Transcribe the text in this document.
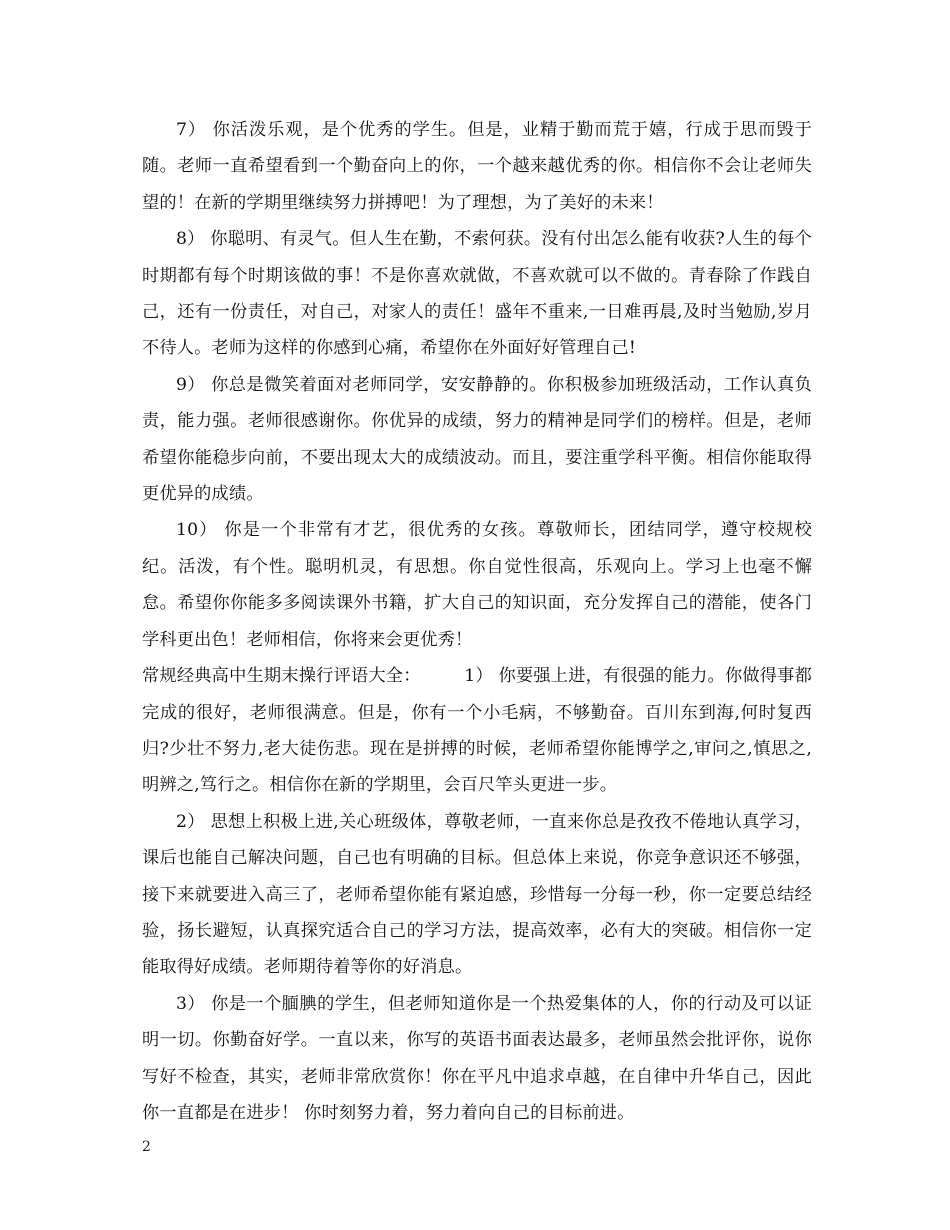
7） 你活泼乐观，是个优秀的学生。但是，业精于勤而荒于嬉，行成于思而毁于随。老师一直希望看到一个勤奋向上的你，一个越来越优秀的你。相信你不会让老师失望的！在新的学期里继续努力拼搏吧！为了理想，为了美好的未来！

8） 你聪明、有灵气。但人生在勤，不索何获。没有付出怎么能有收获?人生的每个时期都有每个时期该做的事！不是你喜欢就做，不喜欢就可以不做的。青春除了作践自己，还有一份责任，对自己，对家人的责任！盛年不重来,一日难再晨,及时当勉励,岁月不待人。老师为这样的你感到心痛，希望你在外面好好管理自己!

9） 你总是微笑着面对老师同学，安安静静的。你积极参加班级活动，工作认真负责，能力强。老师很感谢你。你优异的成绩，努力的精神是同学们的榜样。但是，老师希望你能稳步向前，不要出现太大的成绩波动。而且，要注重学科平衡。相信你能取得更优异的成绩。

10） 你是一个非常有才艺，很优秀的女孩。尊敬师长，团结同学，遵守校规校纪。活泼，有个性。聪明机灵，有思想。你自觉性很高，乐观向上。学习上也毫不懈怠。希望你你能多多阅读课外书籍，扩大自己的知识面，充分发挥自己的潜能，使各门学科更出色！老师相信，你将来会更优秀！

常规经典高中生期末操行评语大全：　　　1） 你要强上进，有很强的能力。你做得事都完成的很好，老师很满意。但是，你有一个小毛病，不够勤奋。百川东到海,何时复西归?少壮不努力,老大徒伤悲。现在是拼搏的时候，老师希望你能博学之,审问之,慎思之,明辨之,笃行之。相信你在新的学期里，会百尺竿头更进一步。

2） 思想上积极上进,关心班级体，尊敬老师，一直来你总是孜孜不倦地认真学习，课后也能自己解决问题，自己也有明确的目标。但总体上来说，你竞争意识还不够强，接下来就要进入高三了，老师希望你能有紧迫感，珍惜每一分每一秒，你一定要总结经验，扬长避短，认真探究适合自己的学习方法，提高效率，必有大的突破。相信你一定能取得好成绩。老师期待着等你的好消息。

3） 你是一个腼腆的学生，但老师知道你是一个热爱集体的人，你的行动及可以证明一切。你勤奋好学。一直以来，你写的英语书面表达最多，老师虽然会批评你，说你写好不检查，其实，老师非常欣赏你！你在平凡中追求卓越，在自律中升华自己，因此你一直都是在进步！ 你时刻努力着，努力着向自己的目标前进。

2
